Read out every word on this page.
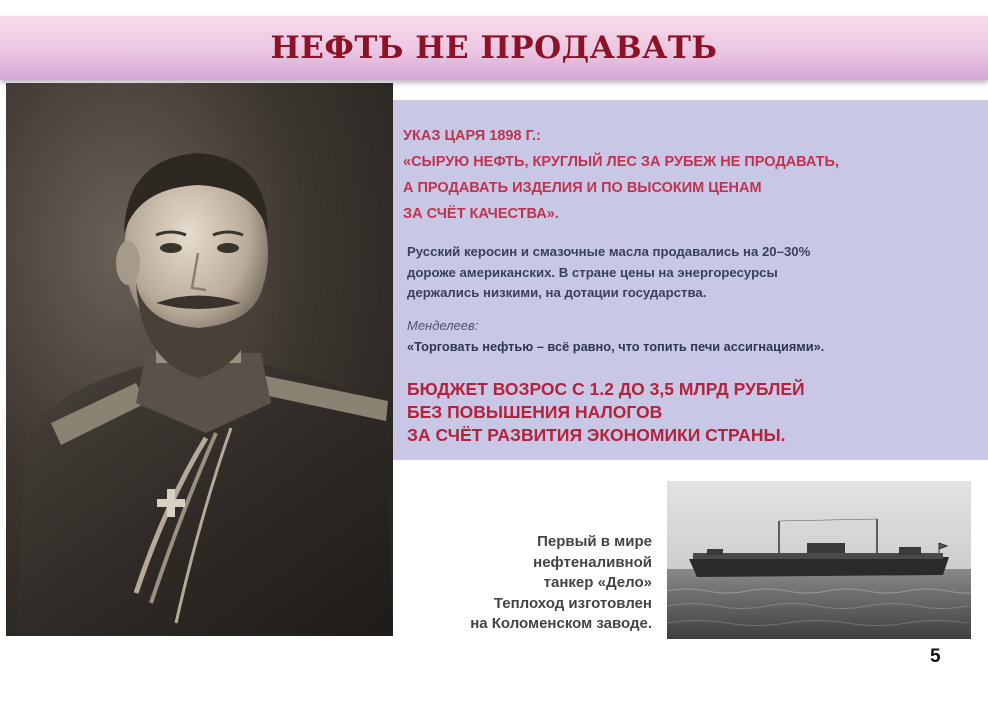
НЕФТЬ НЕ ПРОДАВАТЬ
УКАЗ ЦАРЯ 1898 Г.:
«СЫРУЮ НЕФТЬ, КРУГЛЫЙ ЛЕС ЗА РУБЕЖ НЕ ПРОДАВАТЬ,
А ПРОДАВАТЬ ИЗДЕЛИЯ И ПО ВЫСОКИМ ЦЕНАМ
ЗА СЧЁТ КАЧЕСТВА».
Русский керосин и смазочные масла продавались на 20–30%
дороже американских. В стране цены на энергоресурсы
держались низкими, на дотации государства.
Менделеев:
«Торговать нефтью – всё равно, что топить печи ассигнациями».
БЮДЖЕТ ВОЗРОС С 1.2 ДО 3,5 МЛРД РУБЛЕЙ
БЕЗ ПОВЫШЕНИЯ НАЛОГОВ
ЗА СЧЁТ РАЗВИТИЯ ЭКОНОМИКИ СТРАНЫ.
Первый в мире
нефтеналивной
танкер «Дело»
Теплоход изготовлен
на Коломенском заводе.
5
